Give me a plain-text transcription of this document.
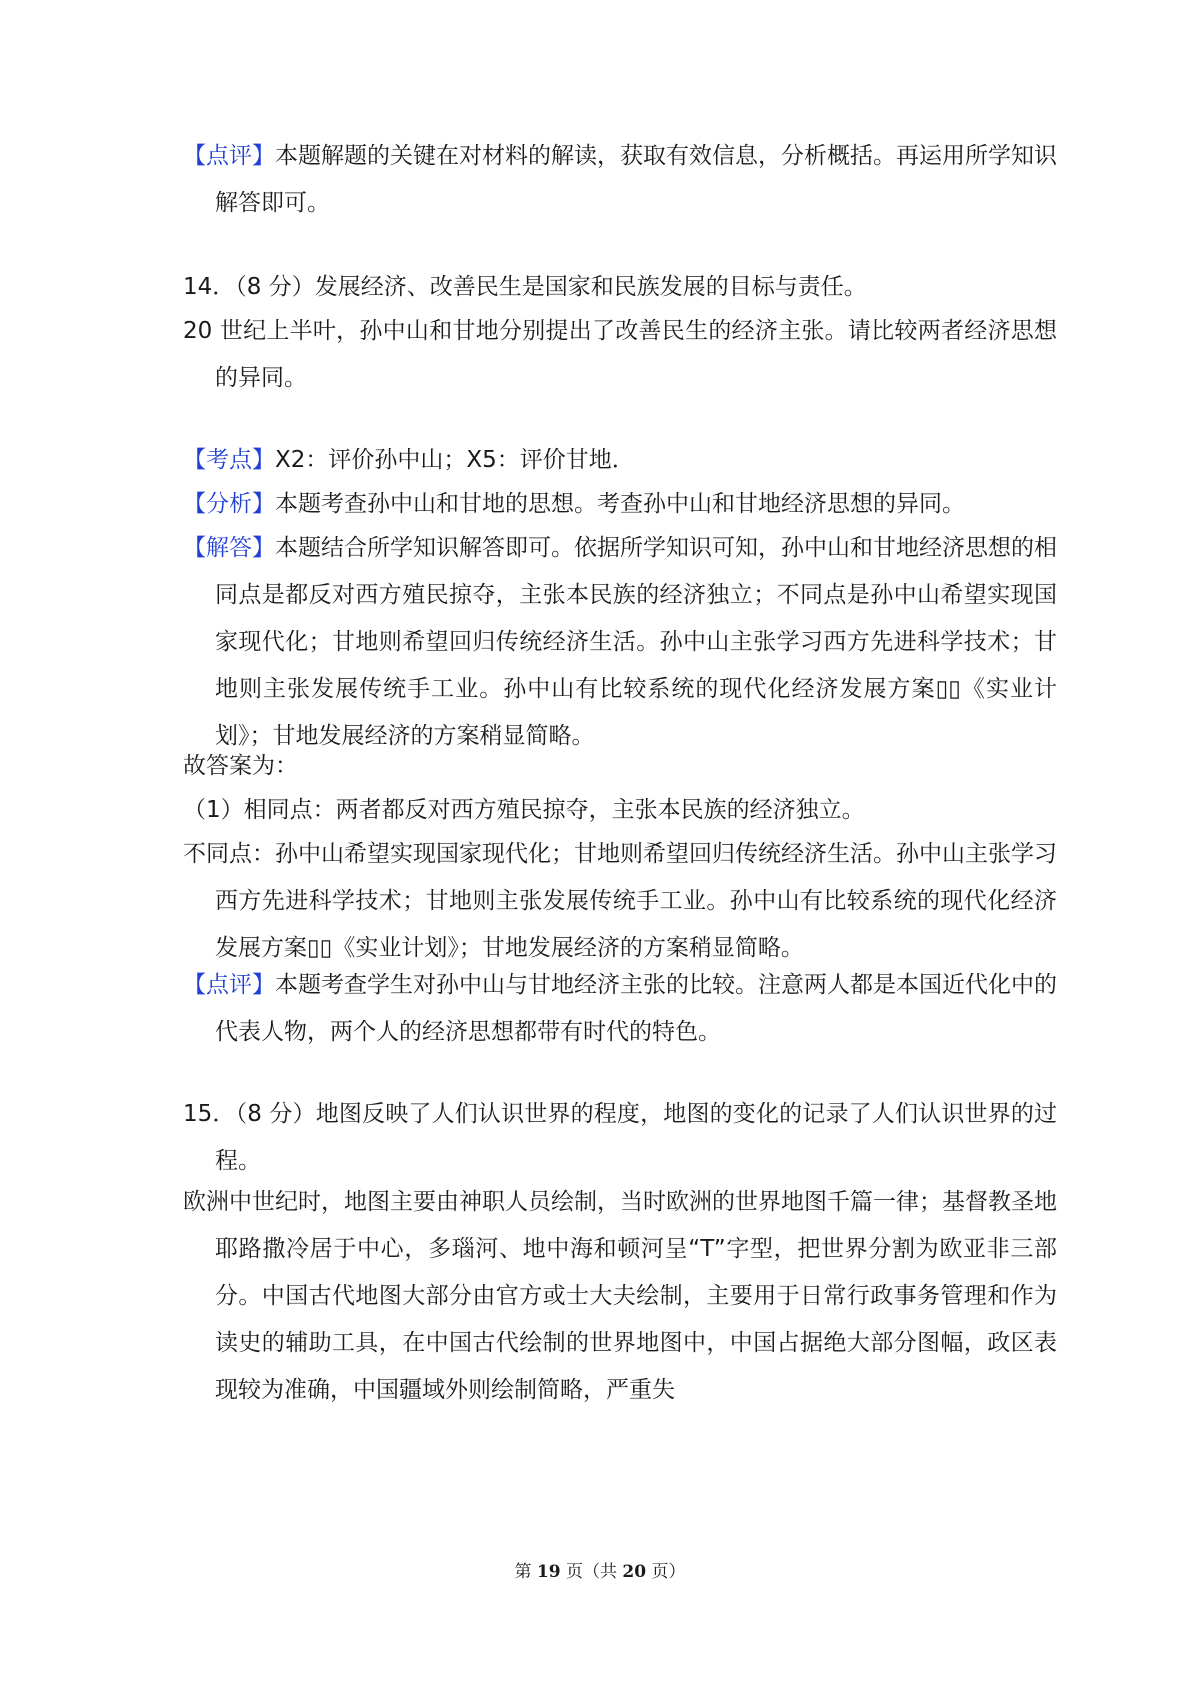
【点评】本题解题的关键在对材料的解读，获取有效信息，分析概括。再运用所学知识解答即可。

14．（8 分）发展经济、改善民生是国家和民族发展的目标与责任。

20 世纪上半叶，孙中山和甘地分别提出了改善民生的经济主张。请比较两者经济思想的异同。

【考点】X2：评价孙中山；X5：评价甘地．

【分析】本题考查孙中山和甘地的思想。考查孙中山和甘地经济思想的异同。

【解答】本题结合所学知识解答即可。依据所学知识可知，孙中山和甘地经济思想的相同点是都反对西方殖民掠夺，主张本民族的经济独立；不同点是孙中山希望实现国家现代化；甘地则希望回归传统经济生活。孙中山主张学习西方先进科学技术；甘地则主张发展传统手工业。孙中山有比较系统的现代化经济发展方案▯▯《实业计划》；甘地发展经济的方案稍显简略。

故答案为：

（1）相同点：两者都反对西方殖民掠夺，主张本民族的经济独立。

不同点：孙中山希望实现国家现代化；甘地则希望回归传统经济生活。孙中山主张学习西方先进科学技术；甘地则主张发展传统手工业。孙中山有比较系统的现代化经济发展方案▯▯《实业计划》；甘地发展经济的方案稍显简略。

【点评】本题考查学生对孙中山与甘地经济主张的比较。注意两人都是本国近代化中的代表人物，两个人的经济思想都带有时代的特色。

15．（8 分）地图反映了人们认识世界的程度，地图的变化的记录了人们认识世界的过程。

欧洲中世纪时，地图主要由神职人员绘制，当时欧洲的世界地图千篇一律；基督教圣地耶路撒冷居于中心，多瑙河、地中海和顿河呈“T”字型，把世界分割为欧亚非三部分。中国古代地图大部分由官方或士大夫绘制，主要用于日常行政事务管理和作为读史的辅助工具，在中国古代绘制的世界地图中，中国占据绝大部分图幅，政区表现较为准确，中国疆域外则绘制简略，严重失

第 19 页（共 20 页）
